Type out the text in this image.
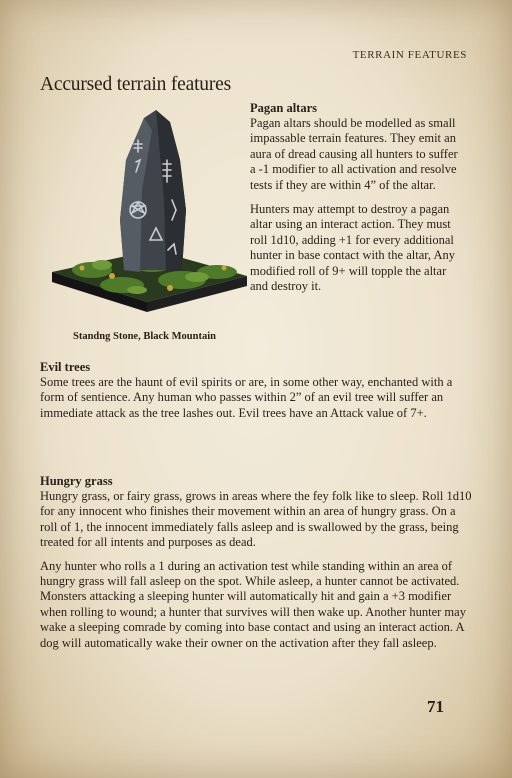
TERRAIN FEATURES
Accursed terrain features
Standng Stone, Black Mountain
Pagan altars

Pagan altars should be modelled as small impassable terrain features. They emit an aura of dread causing all hunters to suffer a -1 modifier to all activation and resolve tests if they are within 4” of the altar.

Hunters may attempt to destroy a pagan altar using an interact action. They must roll 1d10, adding +1 for every additional hunter in base contact with the altar, Any modified roll of 9+ will topple the altar and destroy it.

Evil trees

Some trees are the haunt of evil spirits or are, in some other way, enchanted with a form of sentience. Any human who passes within 2” of an evil tree will suffer an immediate attack as the tree lashes out. Evil trees have an Attack value of 7+.

Hungry grass

Hungry grass, or fairy grass, grows in areas where the fey folk like to sleep. Roll 1d10 for any innocent who finishes their movement within an area of hungry grass. On a roll of 1, the innocent immediately falls asleep and is swallowed by the grass, being treated for all intents and purposes as dead.

Any hunter who rolls a 1 during an activation test while standing within an area of hungry grass will fall asleep on the spot. While asleep, a hunter cannot be activated. Monsters attacking a sleeping hunter will automatically hit and gain a +3 modifier when rolling to wound; a hunter that survives will then wake up. Another hunter may wake a sleeping comrade by coming into base contact and using an interact action. A dog will automatically wake their owner on the activation after they fall asleep.

71
